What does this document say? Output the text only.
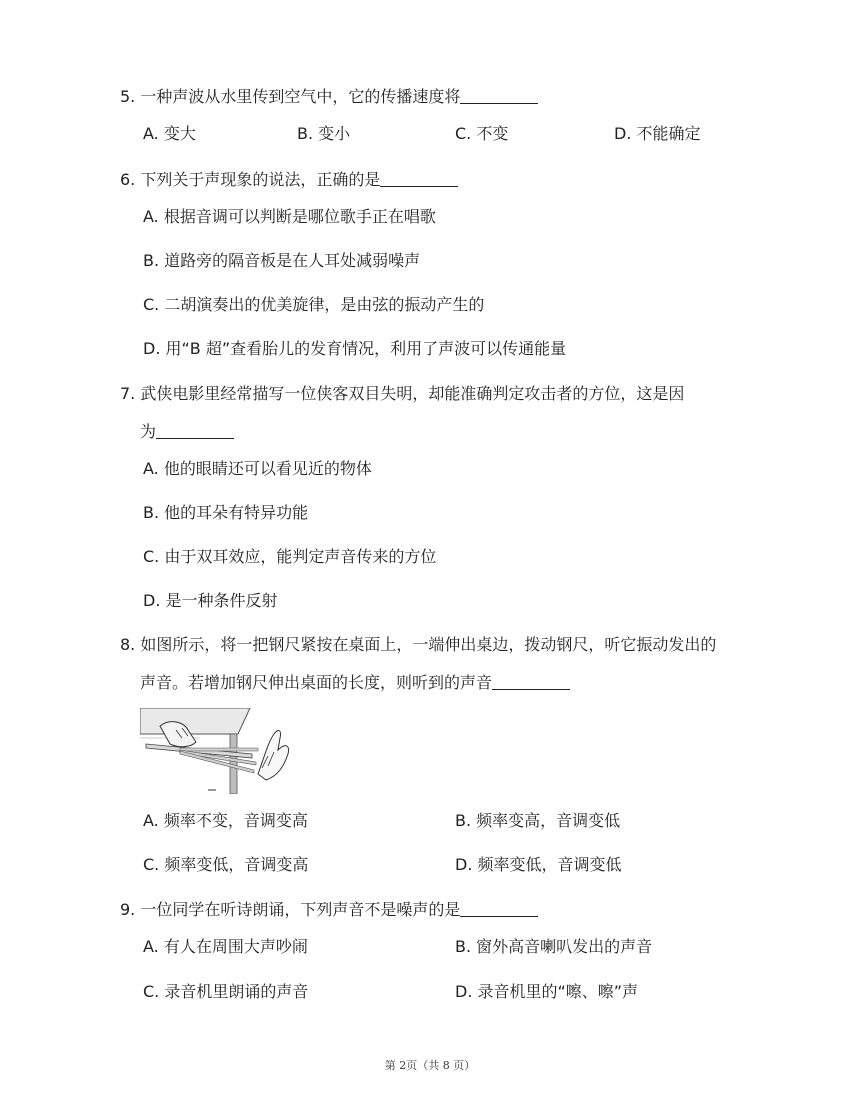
5. 一种声波从水里传到空气中，它的传播速度将
A. 变大	B. 变小	C. 不变	D. 不能确定
6. 下列关于声现象的说法，正确的是
A. 根据音调可以判断是哪位歌手正在唱歌
B. 道路旁的隔音板是在人耳处减弱噪声
C. 二胡演奏出的优美旋律，是由弦的振动产生的
D. 用“B 超”查看胎儿的发育情况，利用了声波可以传通能量
7. 武侠电影里经常描写一位侠客双目失明，却能准确判定攻击者的方位，这是因
为
A. 他的眼睛还可以看见近的物体
B. 他的耳朵有特异功能
C. 由于双耳效应，能判定声音传来的方位
D. 是一种条件反射
8. 如图所示，将一把钢尺紧按在桌面上，一端伸出桌边，拨动钢尺，听它振动发出的
声音。若增加钢尺伸出桌面的长度，则听到的声音
A. 频率不变，音调变高	B. 频率变高，音调变低
C. 频率变低，音调变高	D. 频率变低，音调变低
9. 一位同学在听诗朗诵，下列声音不是噪声的是
A. 有人在周围大声吵闹	B. 窗外高音喇叭发出的声音
C. 录音机里朗诵的声音	D. 录音机里的“嚓、嚓”声
第 2页（共 8 页）
